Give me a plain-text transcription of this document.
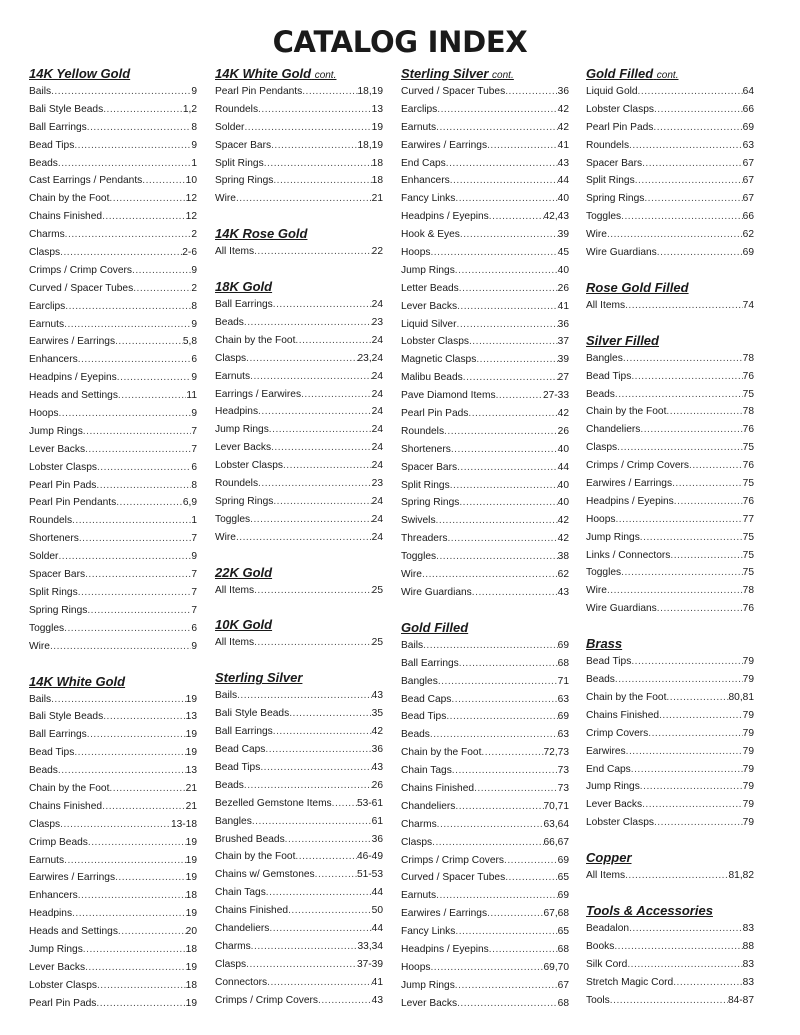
CATALOG INDEX
14K Yellow Gold
Bails .....	9
Bali Style Beads .....	1,2
Ball Earrings .....	8
Bead Tips .....	9
Beads .....	1
Cast Earrings / Pendants .....	10
Chain by the Foot .....	12
Chains Finished .....	12
Charms .....	2
Clasps .....	2-6
Crimps / Crimp Covers .....	9
Curved / Spacer Tubes .....	2
Earclips .....	8
Earnuts .....	9
Earwires / Earrings .....	5,8
Enhancers .....	6
Headpins / Eyepins .....	9
Heads and Settings .....	11
Hoops .....	9
Jump Rings .....	7
Lever Backs .....	7
Lobster Clasps .....	6
Pearl Pin Pads .....	8
Pearl Pin Pendants .....	6,9
Roundels .....	1
Shorteners .....	7
Solder .....	9
Spacer Bars .....	7
Split Rings .....	7
Spring Rings .....	7
Toggles .....	6
Wire .....	9
14K White Gold
Bails .....	19
Bali Style Beads .....	13
Ball Earrings .....	19
Bead Tips .....	19
Beads .....	13
Chain by the Foot .....	21
Chains Finished .....	21
Clasps .....	13-18
Crimp Beads .....	19
Earnuts .....	19
Earwires / Earrings .....	19
Enhancers .....	18
Headpins .....	19
Heads and Settings .....	20
Jump Rings .....	18
Lever Backs .....	19
Lobster Clasps .....	18
Pearl Pin Pads .....	19
14K White Gold cont.
Pearl Pin Pendants .....	18,19
Roundels .....	13
Solder .....	19
Spacer Bars .....	18,19
Split Rings .....	18
Spring Rings .....	18
Wire .....	21
14K Rose Gold
All Items .....	22
18K Gold
Ball Earrings .....	24
Beads .....	23
Chain by the Foot .....	24
Clasps .....	23,24
Earnuts .....	24
Earrings / Earwires .....	24
Headpins .....	24
Jump Rings .....	24
Lever Backs .....	24
Lobster Clasps .....	24
Roundels .....	23
Spring Rings .....	24
Toggles .....	24
Wire .....	24
22K Gold
All Items .....	25
10K Gold
All Items .....	25
Sterling Silver
Bails .....	43
Bali Style Beads .....	35
Ball Earrings .....	42
Bead Caps .....	36
Bead Tips .....	43
Beads .....	26
Bezelled Gemstone Items ..... 53-61
Bangles .....	61
Brushed Beads .....	36
Chain by the Foot .....	46-49
Chains w/ Gemstones .....	51-53
Chain Tags .....	44
Chains Finished .....	50
Chandeliers .....	44
Charms .....	33,34
Clasps .....	37-39
Connectors .....	41
Crimps / Crimp Covers .....	43
Sterling Silver cont.
Curved / Spacer Tubes .....	36
Earclips .....	42
Earnuts .....	42
Earwires / Earrings .....	41
End Caps .....	43
Enhancers .....	44
Fancy Links .....	40
Headpins / Eyepins .....	42,43
Hook & Eyes .....	39
Hoops .....	45
Jump Rings .....	40
Letter Beads .....	26
Lever Backs .....	41
Liquid Silver .....	36
Lobster Clasps .....	37
Magnetic Clasps .....	39
Malibu Beads .....	27
Pave Diamond Items .....	27-33
Pearl Pin Pads .....	42
Roundels .....	26
Shorteners .....	40
Spacer Bars .....	44
Split Rings .....	40
Spring Rings .....	40
Swivels .....	42
Threaders .....	42
Toggles .....	38
Wire .....	62
Wire Guardians .....	43
Gold Filled
Bails .....	69
Ball Earrings .....	68
Bangles .....	71
Bead Caps .....	63
Bead Tips .....	69
Beads .....	63
Chain by the Foot .....	72,73
Chain Tags .....	73
Chains Finished .....	73
Chandeliers .....	70,71
Charms .....	63,64
Clasps .....	66,67
Crimps / Crimp Covers .....	69
Curved / Spacer Tubes .....	65
Earnuts .....	69
Earwires / Earrings .....	67,68
Fancy Links .....	65
Headpins / Eyepins .....	68
Hoops .....	69,70
Jump Rings .....	67
Lever Backs .....	68
Gold Filled cont.
Liquid Gold .....	64
Lobster Clasps .....	66
Pearl Pin Pads .....	69
Roundels .....	63
Spacer Bars .....	67
Split Rings .....	67
Spring Rings .....	67
Toggles .....	66
Wire .....	62
Wire Guardians .....	69
Rose Gold Filled
All Items .....	74
Silver Filled
Bangles .....	78
Bead Tips .....	76
Beads .....	75
Chain by the Foot .....	78
Chandeliers .....	76
Clasps .....	75
Crimps / Crimp Covers .....	76
Earwires / Earrings .....	75
Headpins / Eyepins .....	76
Hoops .....	77
Jump Rings .....	75
Links / Connectors .....	75
Toggles .....	75
Wire .....	78
Wire Guardians .....	76
Brass
Bead Tips .....	79
Beads .....	79
Chain by the Foot .....	80,81
Chains Finished .....	79
Crimp Covers .....	79
Earwires .....	79
End Caps .....	79
Jump Rings .....	79
Lever Backs .....	79
Lobster Clasps .....	79
Copper
All Items .....	81,82
Tools & Accessories
Beadalon .....	83
Books .....	88
Silk Cord .....	83
Stretch Magic Cord .....	83
Tools .....	84-87
